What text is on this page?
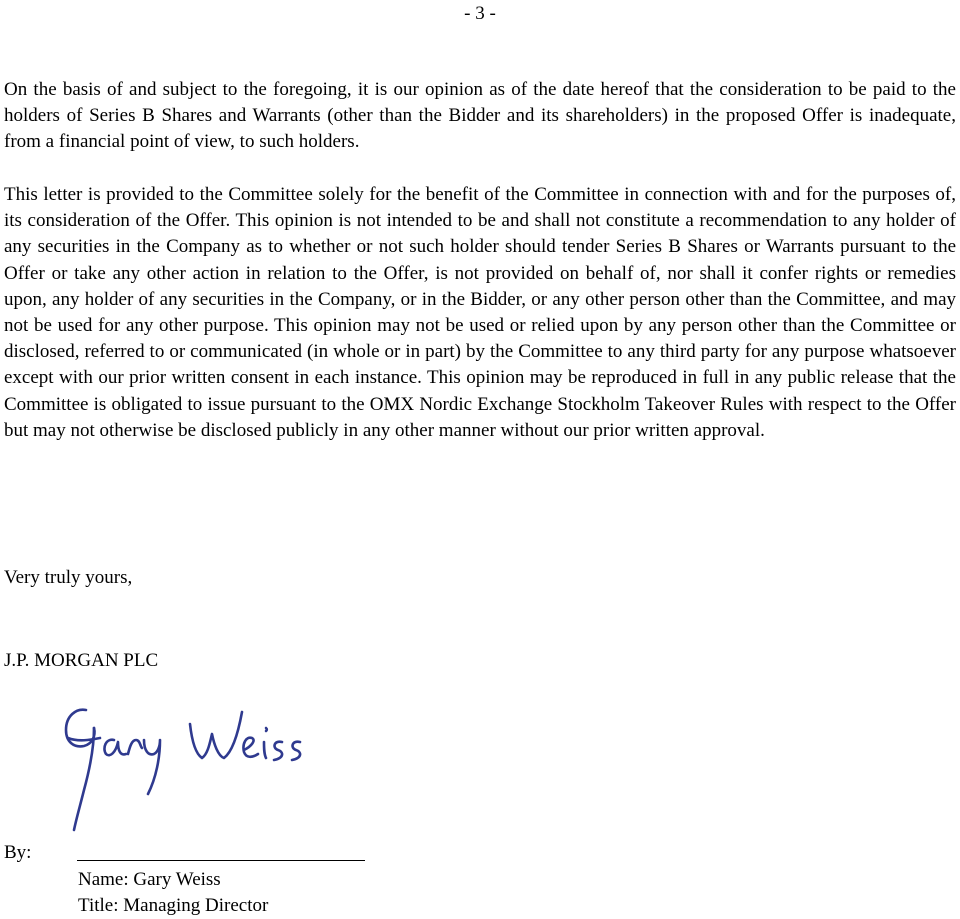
- 3 -

On the basis of and subject to the foregoing, it is our opinion as of the date hereof that the consideration to be paid to the holders of Series B Shares and Warrants (other than the Bidder and its shareholders) in the proposed Offer is inadequate, from a financial point of view, to such holders.

This letter is provided to the Committee solely for the benefit of the Committee in connection with and for the purposes of, its consideration of the Offer. This opinion is not intended to be and shall not constitute a recommendation to any holder of any securities in the Company as to whether or not such holder should tender Series B Shares or Warrants pursuant to the Offer or take any other action in relation to the Offer, is not provided on behalf of, nor shall it confer rights or remedies upon, any holder of any securities in the Company, or in the Bidder, or any other person other than the Committee, and may not be used for any other purpose. This opinion may not be used or relied upon by any person other than the Committee or disclosed, referred to or communicated (in whole or in part) by the Committee to any third party for any purpose whatsoever except with our prior written consent in each instance. This opinion may be reproduced in full in any public release that the Committee is obligated to issue pursuant to the OMX Nordic Exchange Stockholm Takeover Rules with respect to the Offer but may not otherwise be disclosed publicly in any other manner without our prior written approval.

Very truly yours,
J.P. MORGAN PLC
By:
Name: Gary Weiss
Title: Managing Director
